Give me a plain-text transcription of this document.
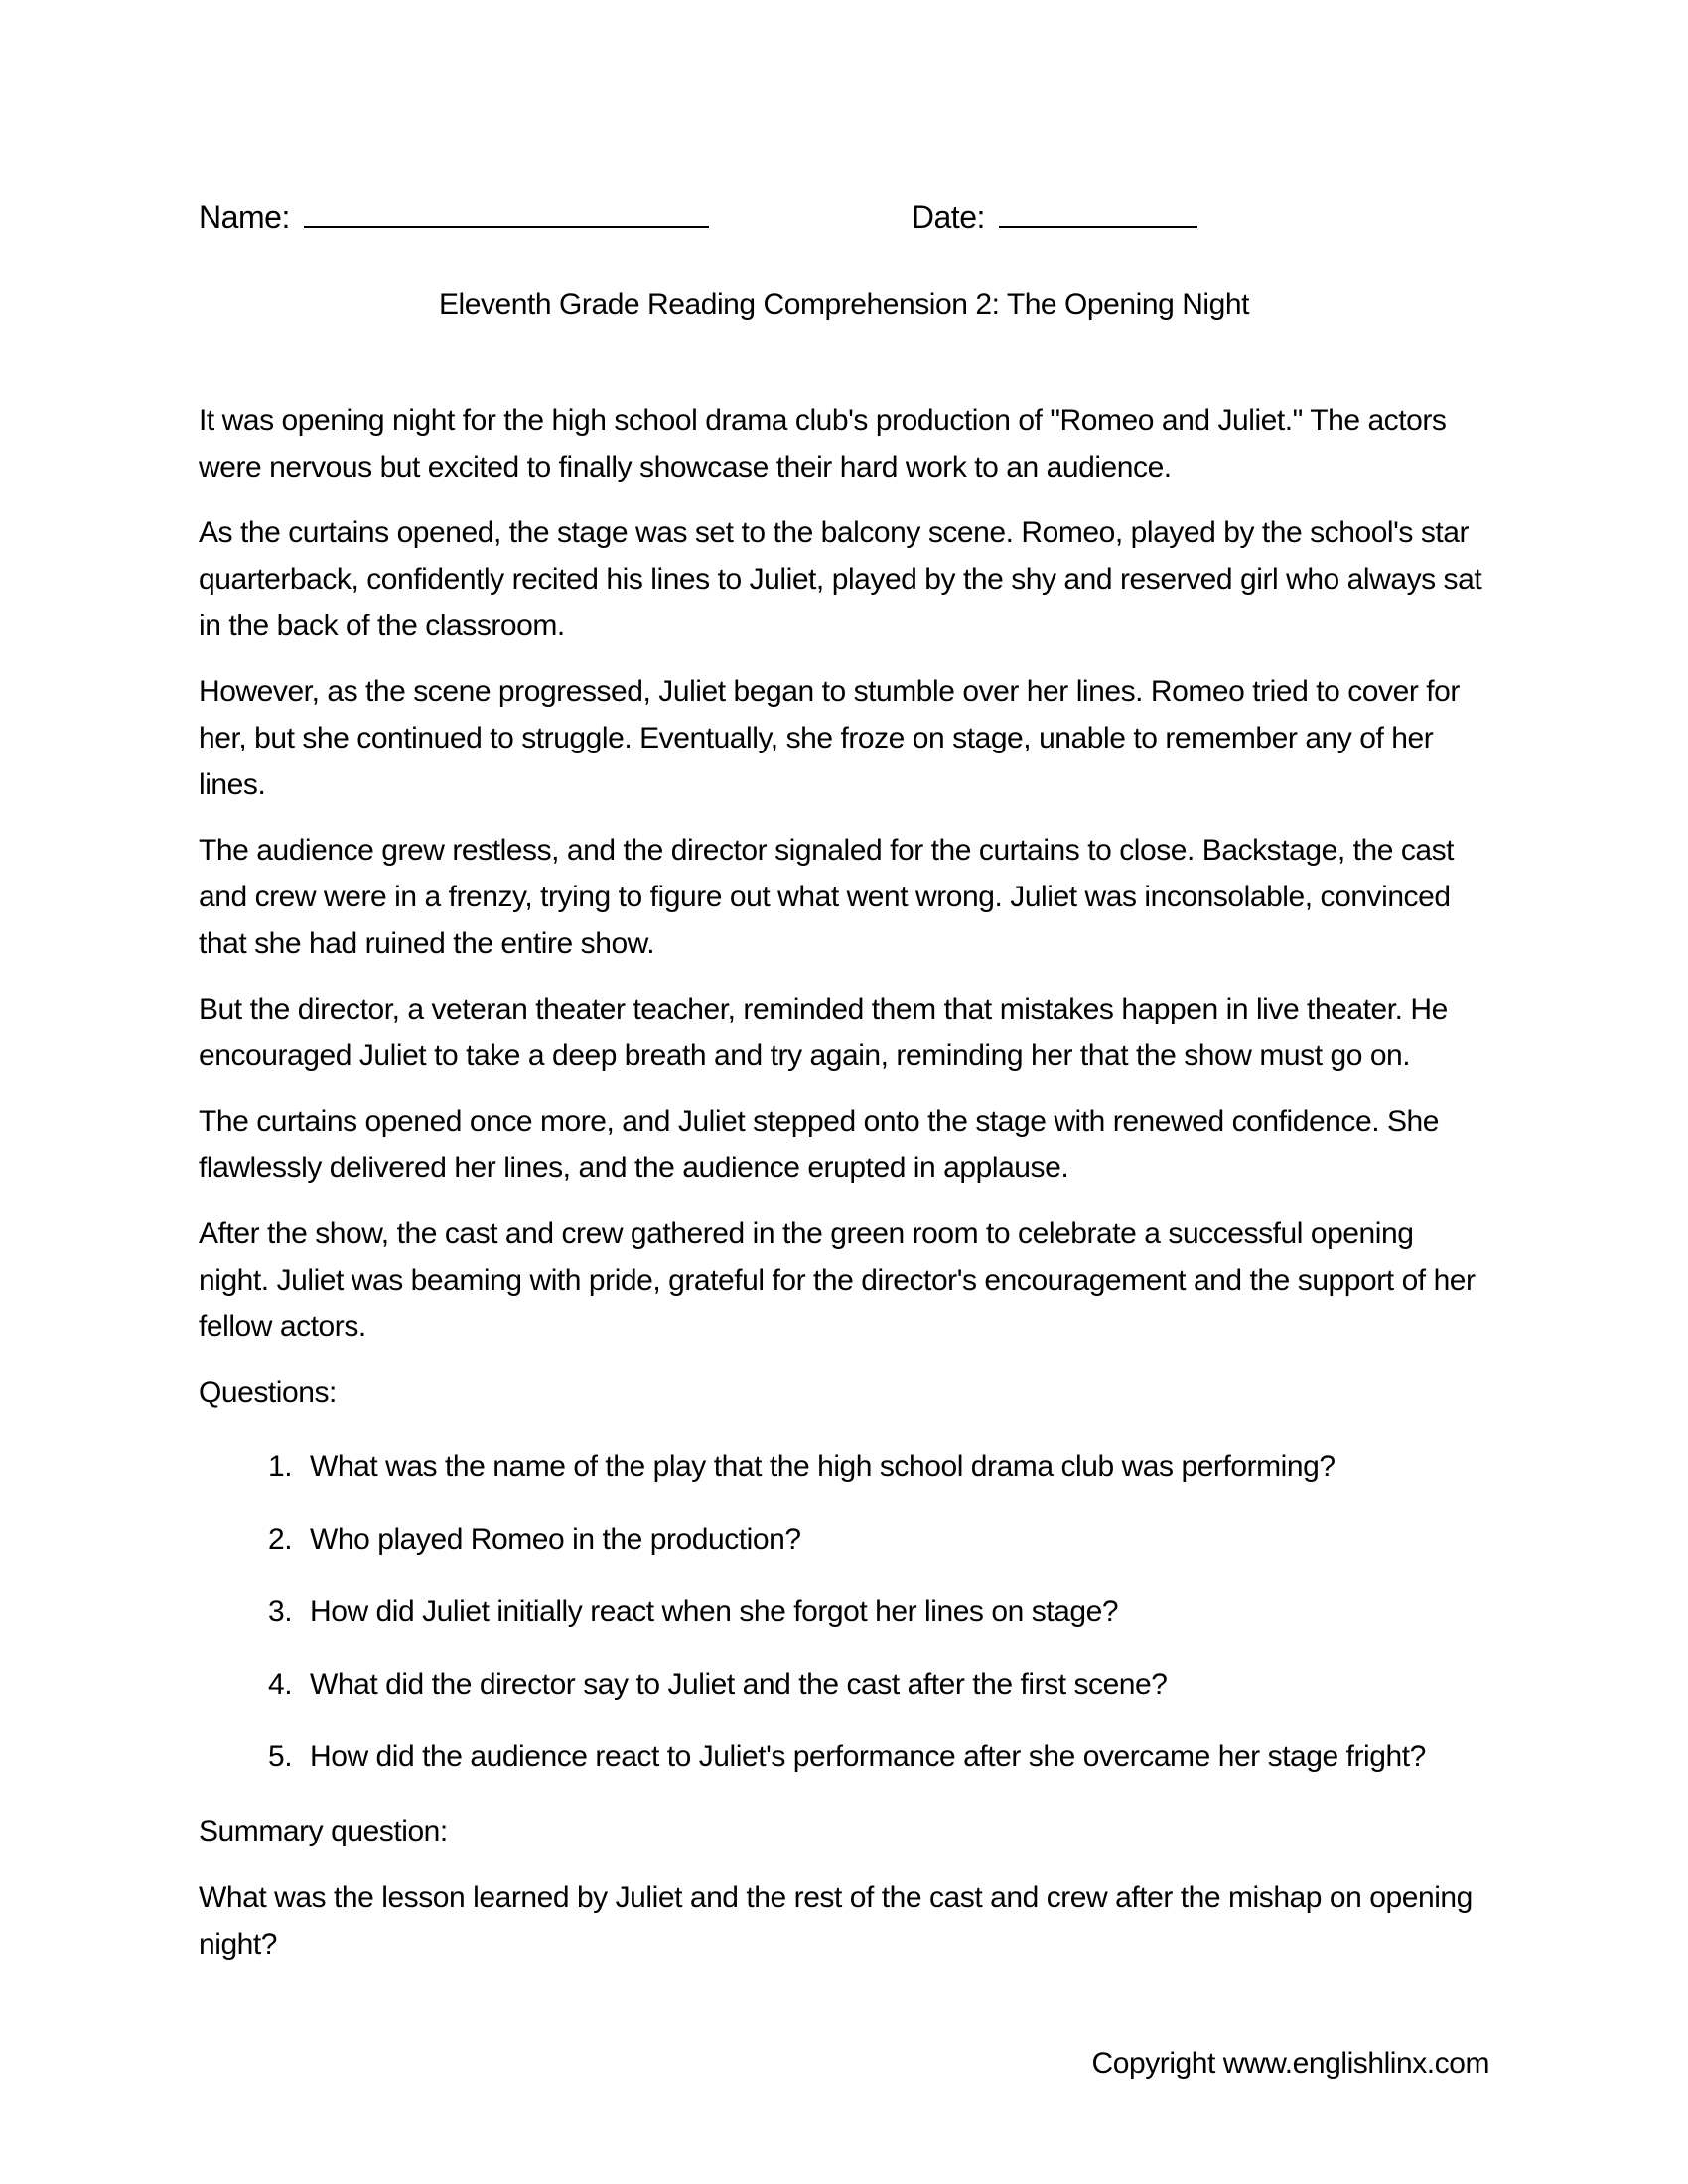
Name:	Date:
Eleventh Grade Reading Comprehension 2: The Opening Night

It was opening night for the high school drama club's production of "Romeo and Juliet." The actors were nervous but excited to finally showcase their hard work to an audience.

As the curtains opened, the stage was set to the balcony scene. Romeo, played by the school's star quarterback, confidently recited his lines to Juliet, played by the shy and reserved girl who always sat in the back of the classroom.

However, as the scene progressed, Juliet began to stumble over her lines. Romeo tried to cover for her, but she continued to struggle. Eventually, she froze on stage, unable to remember any of her lines.

The audience grew restless, and the director signaled for the curtains to close. Backstage, the cast and crew were in a frenzy, trying to figure out what went wrong. Juliet was inconsolable, convinced that she had ruined the entire show.

But the director, a veteran theater teacher, reminded them that mistakes happen in live theater. He encouraged Juliet to take a deep breath and try again, reminding her that the show must go on.

The curtains opened once more, and Juliet stepped onto the stage with renewed confidence. She flawlessly delivered her lines, and the audience erupted in applause.

After the show, the cast and crew gathered in the green room to celebrate a successful opening night. Juliet was beaming with pride, grateful for the director's encouragement and the support of her fellow actors.

Questions:

1. What was the name of the play that the high school drama club was performing?
2. Who played Romeo in the production?
3. How did Juliet initially react when she forgot her lines on stage?
4. What did the director say to Juliet and the cast after the first scene?
5. How did the audience react to Juliet's performance after she overcame her stage fright?

Summary question:

What was the lesson learned by Juliet and the rest of the cast and crew after the mishap on opening night?

Copyright www.englishlinx.com
